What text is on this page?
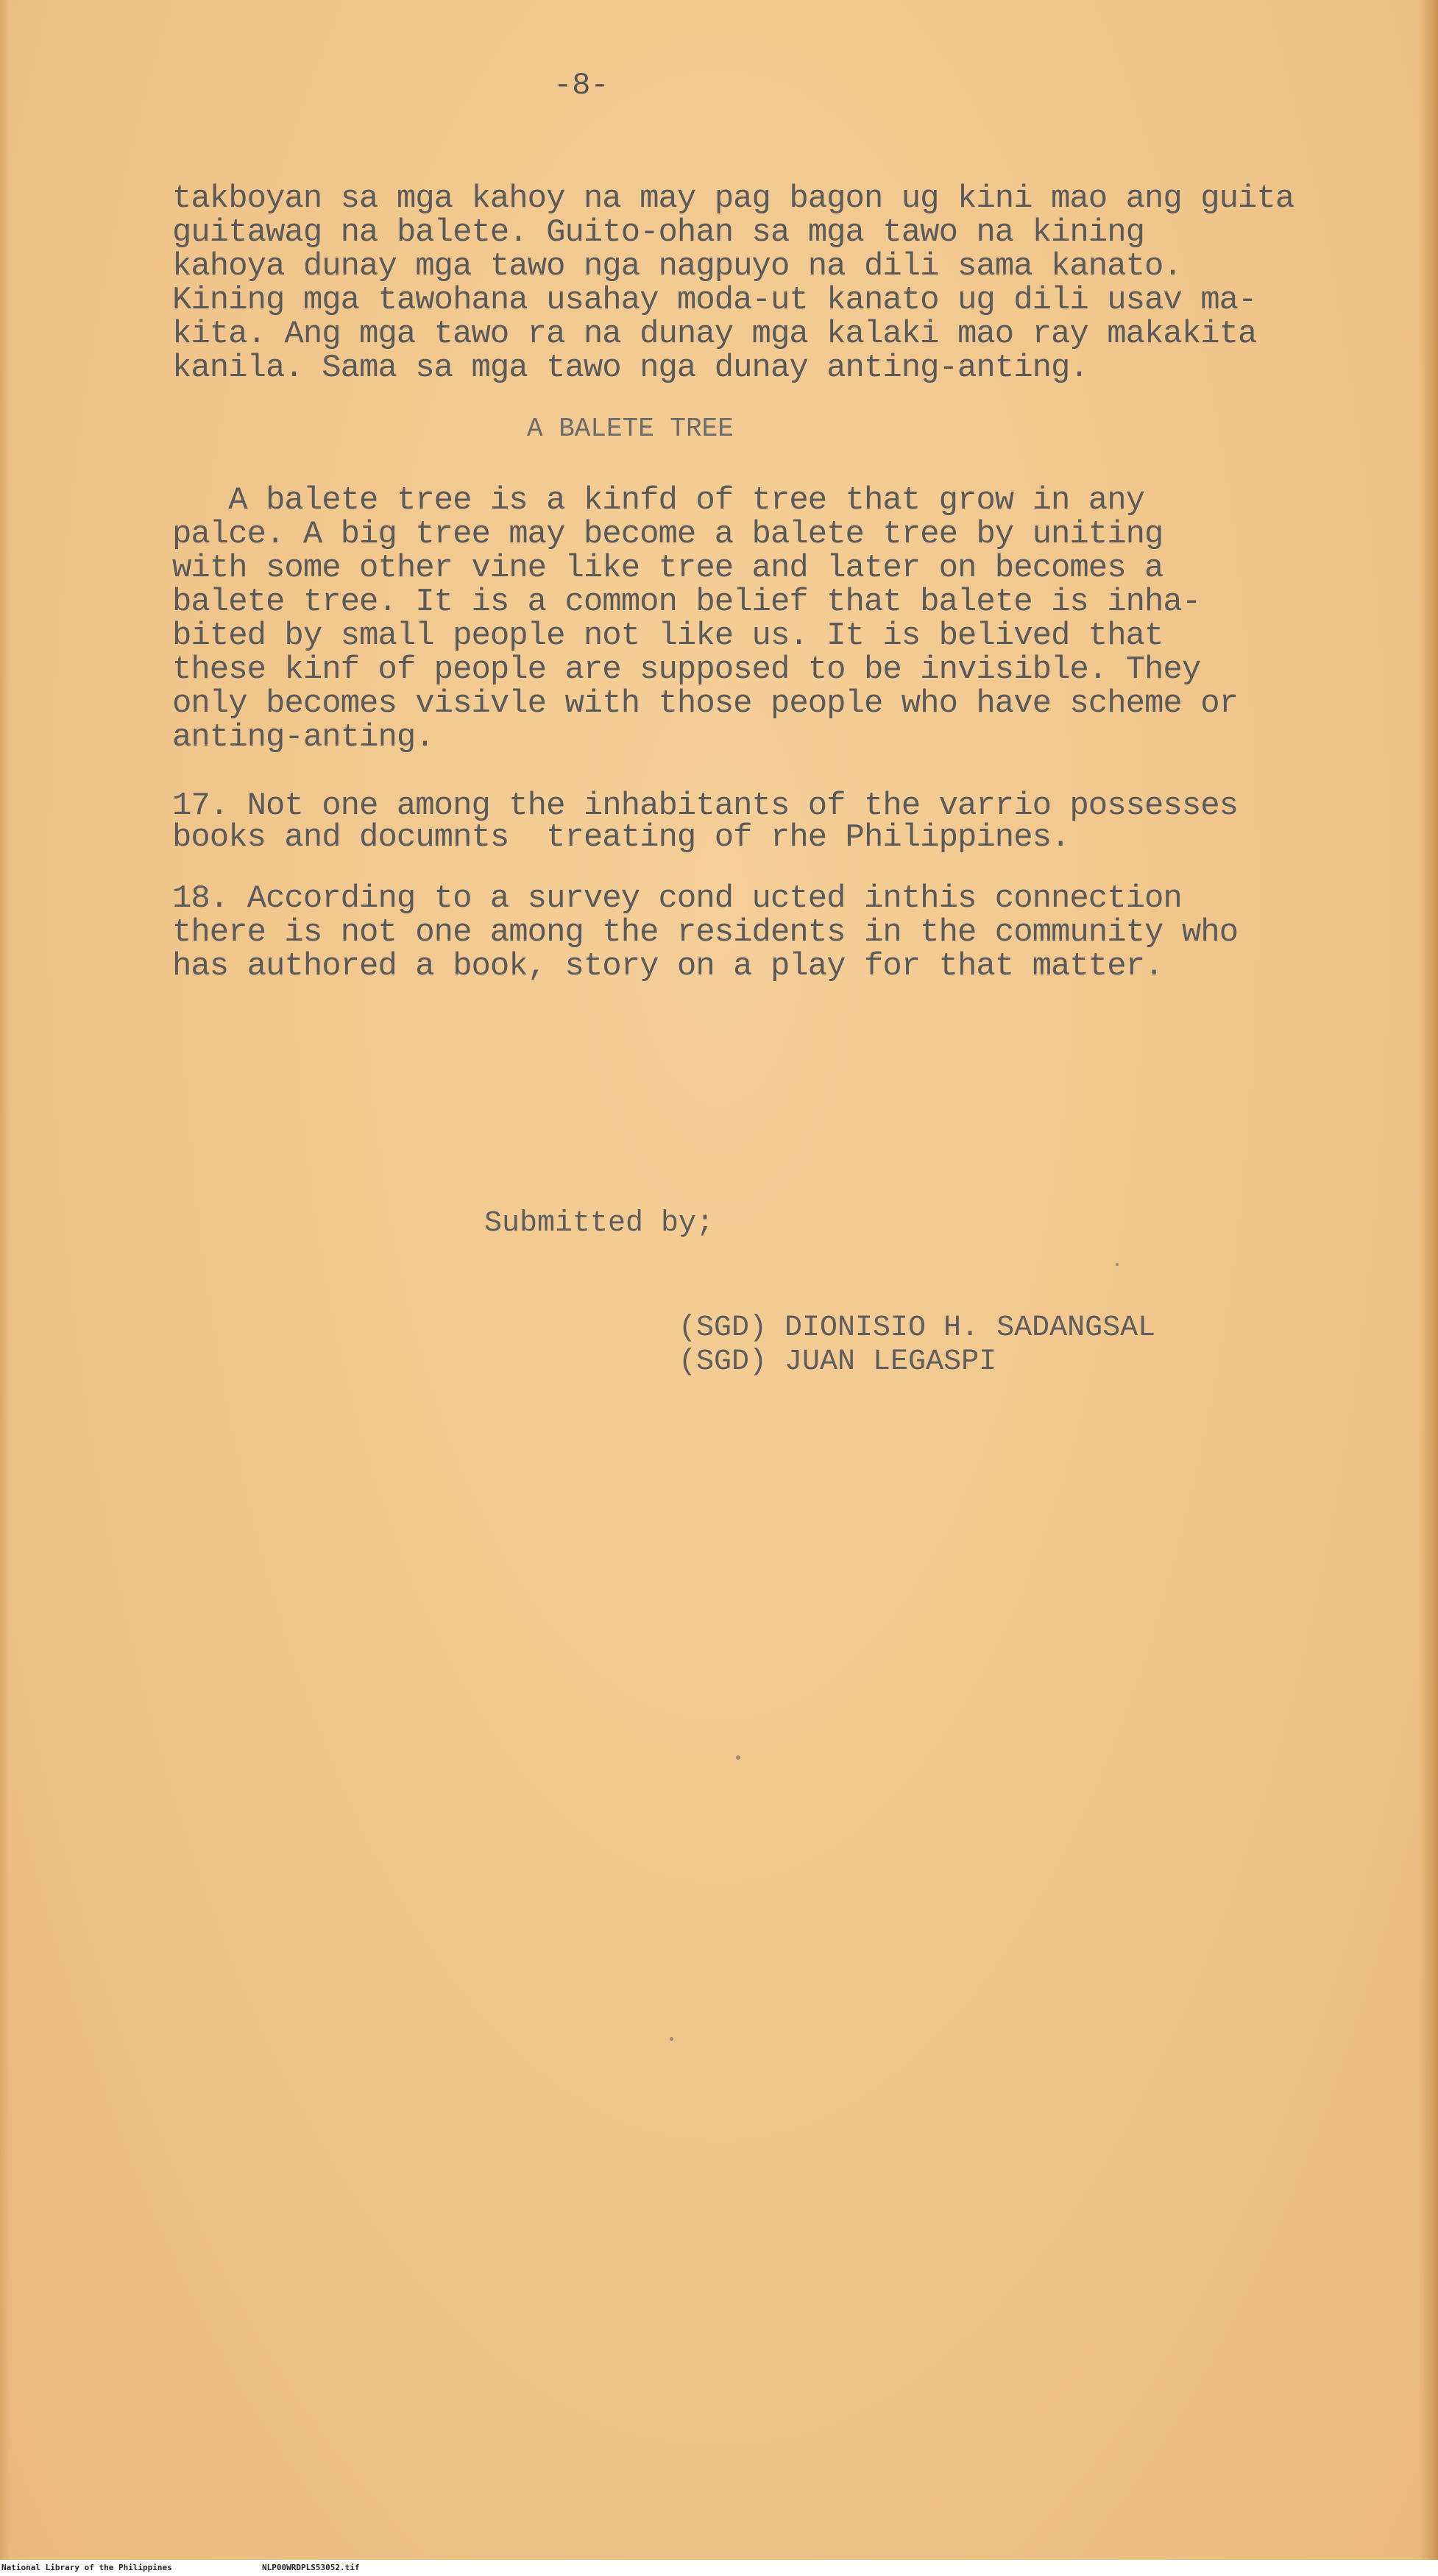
-8-
takboyan sa mga kahoy na may pag bagon ug kini mao ang guita
guitawag na balete. Guito-ohan sa mga tawo na kining
kahoya dunay mga tawo nga nagpuyo na dili sama kanato.
Kining mga tawohana usahay moda-ut kanato ug dili usav ma-
kita. Ang mga tawo ra na dunay mga kalaki mao ray makakita
kanila. Sama sa mga tawo nga dunay anting-anting.
A BALETE TREE
A balete tree is a kinfd of tree that grow in any
palce. A big tree may become a balete tree by uniting
with some other vine like tree and later on becomes a
balete tree. It is a common belief that balete is inha-
bited by small people not like us. It is belived that
these kinf of people are supposed to be invisible. They
only becomes visivle with those people who have scheme or
anting-anting.
17. Not one among the inhabitants of the varrio possesses
books and documnts  treating of rhe Philippines.
18. According to a survey cond ucted inthis connection
there is not one among the residents in the community who
has authored a book, story on a play for that matter.
Submitted by;
(SGD) DIONISIO H. SADANGSAL
(SGD) JUAN LEGASPI
National Library of the Philippines	NLP00WRDPLS53052.tif
